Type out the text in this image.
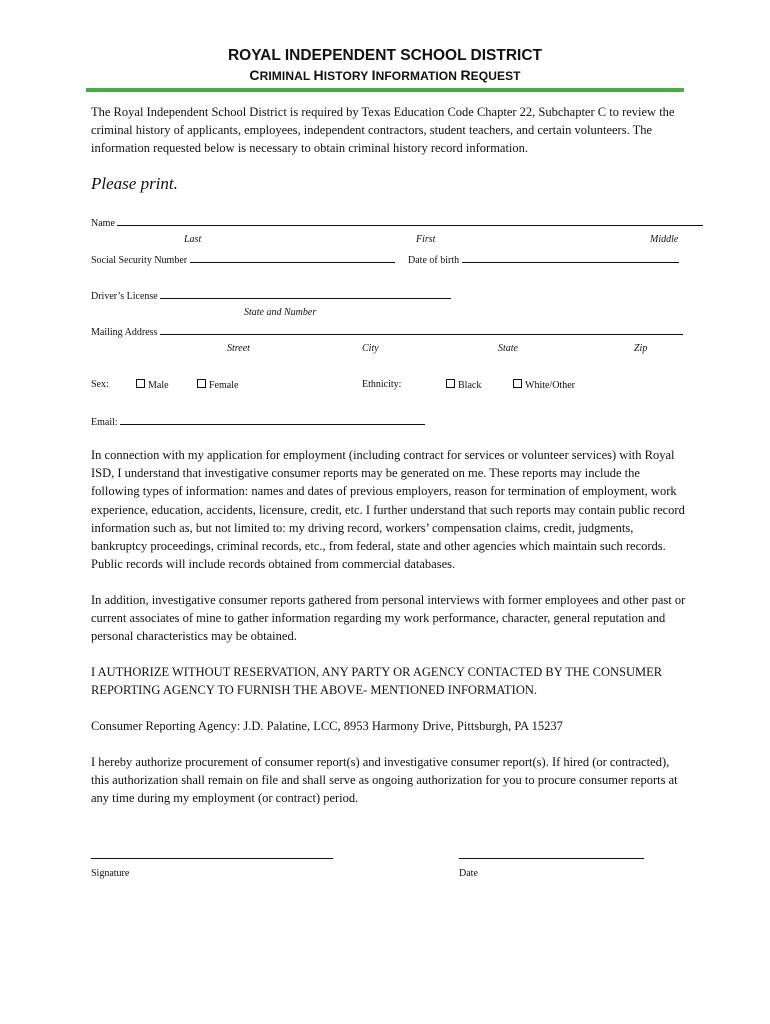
ROYAL INDEPENDENT SCHOOL DISTRICT
CRIMINAL HISTORY INFORMATION REQUEST
The Royal Independent School District is required by Texas Education Code Chapter 22, Subchapter C to review the criminal history of applicants, employees, independent contractors, student teachers, and certain volunteers. The information requested below is necessary to obtain criminal history record information.
Please print.
Name
Last	First	Middle
Social Security Number	Date of birth
Driver’s License
State and Number
Mailing Address
Street	City	State	Zip
Sex:	Male	Female	Ethnicity:	Black	White/Other
Email:
In connection with my application for employment (including contract for services or volunteer services) with Royal ISD, I understand that investigative consumer reports may be generated on me. These reports may include the following types of information: names and dates of previous employers, reason for termination of employment, work experience, education, accidents, licensure, credit, etc. I further understand that such reports may contain public record information such as, but not limited to: my driving record, workers’ compensation claims, credit, judgments, bankruptcy proceedings, criminal records, etc., from federal, state and other agencies which maintain such records. Public records will include records obtained from commercial databases.
In addition, investigative consumer reports gathered from personal interviews with former employees and other past or current associates of mine to gather information regarding my work performance, character, general reputation and personal characteristics may be obtained.
I AUTHORIZE WITHOUT RESERVATION, ANY PARTY OR AGENCY CONTACTED BY THE CONSUMER REPORTING AGENCY TO FURNISH THE ABOVE- MENTIONED INFORMATION.
Consumer Reporting Agency: J.D. Palatine, LCC, 8953 Harmony Drive, Pittsburgh, PA 15237
I hereby authorize procurement of consumer report(s) and investigative consumer report(s). If hired (or contracted), this authorization shall remain on file and shall serve as ongoing authorization for you to procure consumer reports at any time during my employment (or contract) period.
Signature	Date
